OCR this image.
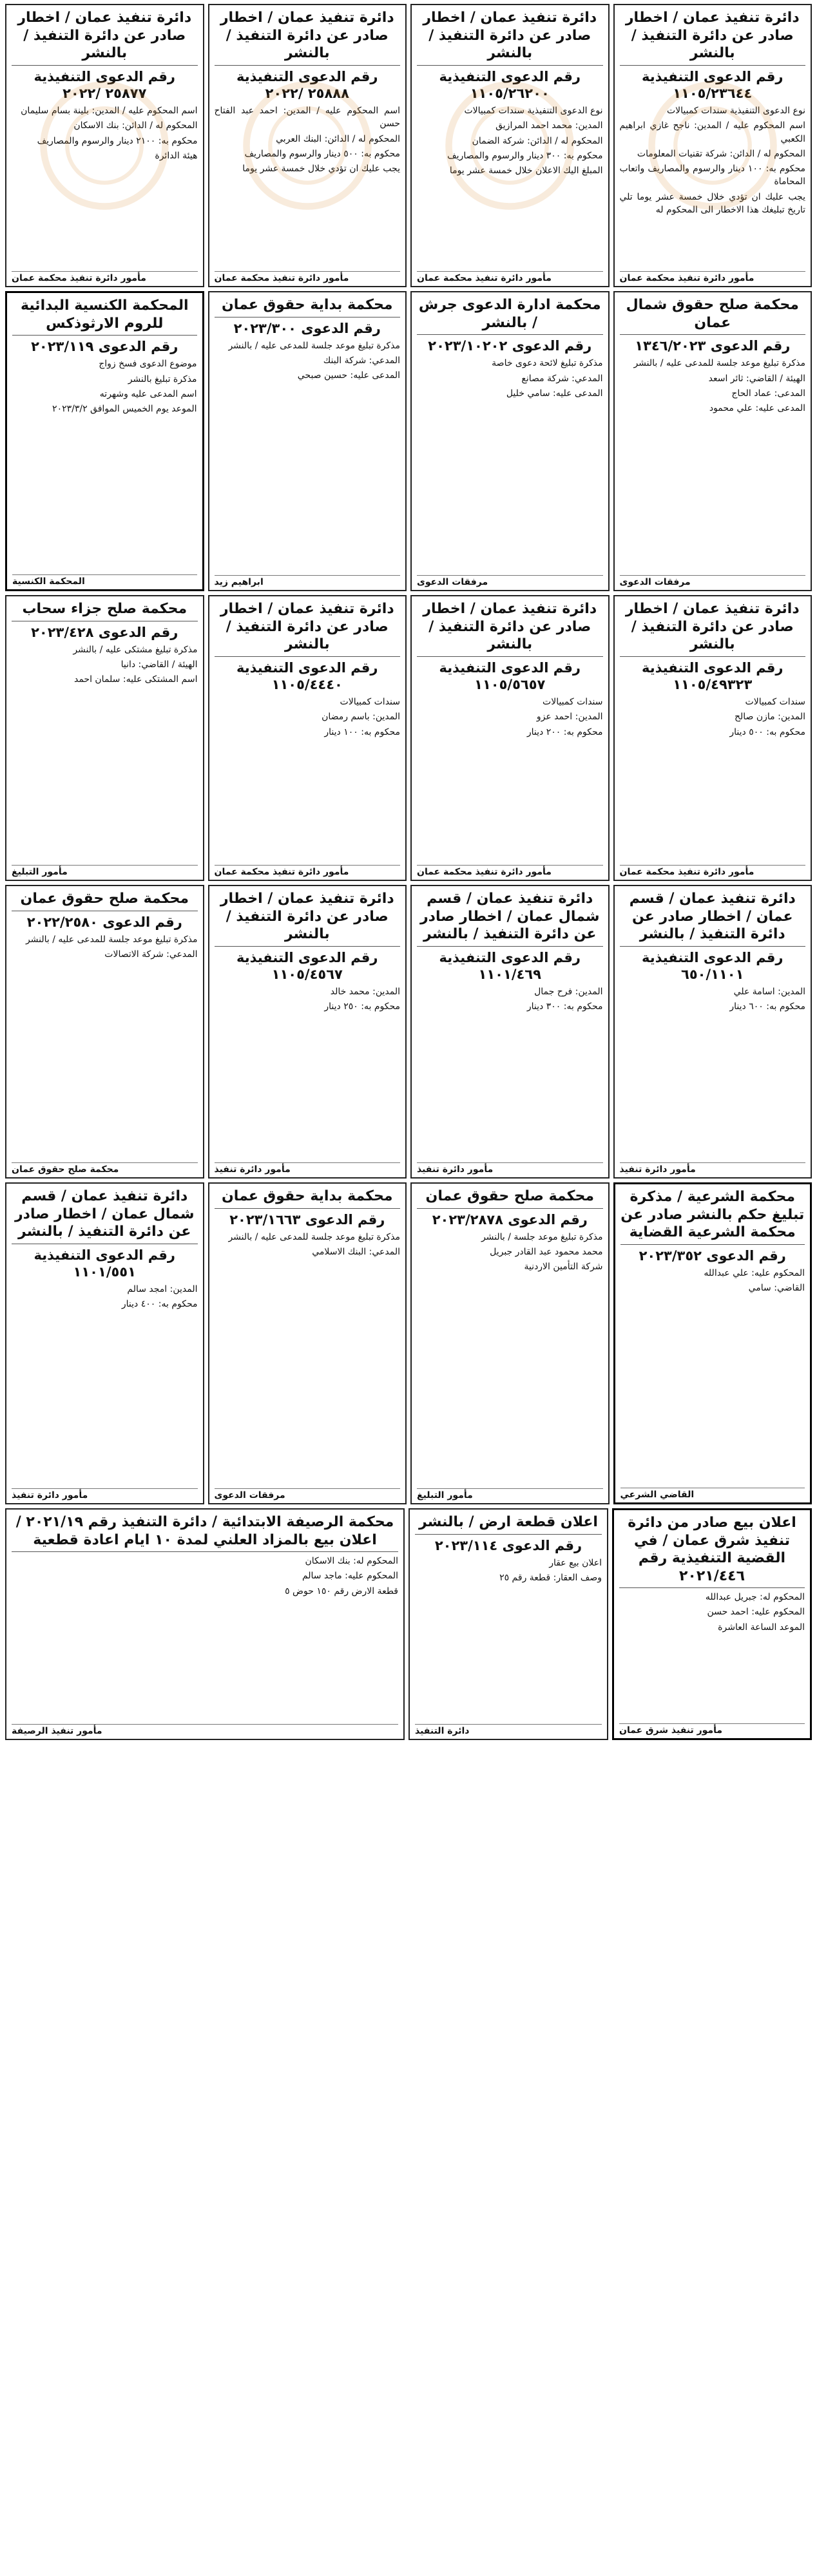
دائرة تنفيذ عمان / اخطار صادر عن دائرة التنفيذ / بالنشر
رقم الدعوى التنفيذية ١١٠٥/٢٣٦٤٤

نوع الدعوى التنفيذية سندات كمبيالات

اسم المحكوم عليه / المدين: ناجح غازي ابراهيم الكعبي

المحكوم له / الدائن: شركة تقنيات المعلومات

محكوم به: ١٠٠ دينار والرسوم والمصاريف واتعاب المحاماة

يجب عليك ان تؤدي خلال خمسة عشر يوما تلي تاريخ تبليغك هذا الاخطار الى المحكوم له

مأمور دائرة تنفيذ محكمة عمان
دائرة تنفيذ عمان / اخطار صادر عن دائرة التنفيذ / بالنشر
رقم الدعوى التنفيذية ١١٠٥/٢٦٢٠٠

نوع الدعوى التنفيذية سندات كمبيالات

المدين: محمد احمد المرازيق

المحكوم له / الدائن: شركة الضمان

محكوم به: ٣٠٠ دينار والرسوم والمصاريف

المبلغ اليك الاعلان خلال خمسة عشر يوما

مأمور دائرة تنفيذ محكمة عمان
دائرة تنفيذ عمان / اخطار صادر عن دائرة التنفيذ / بالنشر
رقم الدعوى التنفيذية ٢٥٨٨٨ /٢٠٢٢

اسم المحكوم عليه / المدين: احمد عبد الفتاح حسن

المحكوم له / الدائن: البنك العربي

محكوم به: ٥٠٠ دينار والرسوم والمصاريف

يجب عليك ان تؤدي خلال خمسة عشر يوما

مأمور دائرة تنفيذ محكمة عمان
دائرة تنفيذ عمان / اخطار صادر عن دائرة التنفيذ / بالنشر
رقم الدعوى التنفيذية ٢٥٨٧٧ /٢٠٢٢

اسم المحكوم عليه / المدين: بلينة بسام سليمان

المحكوم له / الدائن: بنك الاسكان

محكوم به: ٢١٠٠ دينار والرسوم والمصاريف

هيئة الدائرة

مأمور دائرة تنفيذ محكمة عمان
محكمة صلح حقوق شمال عمان
رقم الدعوى ١٣٤٦/٢٠٢٣

مذكرة تبليغ موعد جلسة للمدعى عليه / بالنشر

الهيئة / القاضي: ثائر اسعد

المدعى: عماد الحاج

المدعى عليه: علي محمود

مرفقات الدعوى
محكمة ادارة الدعوى جرش / بالنشر
رقم الدعوى ٢٠٢٣/١٠٢٠٢

مذكرة تبليغ لائحة دعوى خاصة

المدعي: شركة مصانع

المدعى عليه: سامي خليل

مرفقات الدعوى
محكمة بداية حقوق عمان
رقم الدعوى ٢٠٢٣/٣٠٠

مذكرة تبليغ موعد جلسة للمدعى عليه / بالنشر

المدعي: شركة البنك

المدعى عليه: حسين صبحي

ابراهيم زيد
المحكمة الكنسية البدائية للروم الارثوذكس
رقم الدعوى ٢٠٢٣/١١٩

موضوع الدعوى فسخ زواج

مذكرة تبليغ بالنشر

اسم المدعى عليه وشهرته

الموعد يوم الخميس الموافق ٢٠٢٣/٣/٢

المحكمة الكنسية
دائرة تنفيذ عمان / اخطار صادر عن دائرة التنفيذ / بالنشر
رقم الدعوى التنفيذية ١١٠٥/٤٩٣٢٣

سندات كمبيالات

المدين: مازن صالح

محكوم به: ٥٠٠ دينار

مأمور دائرة تنفيذ محكمة عمان
دائرة تنفيذ عمان / اخطار صادر عن دائرة التنفيذ / بالنشر
رقم الدعوى التنفيذية ١١٠٥/٥٦٥٧

سندات كمبيالات

المدين: احمد عزو

محكوم به: ٢٠٠ دينار

مأمور دائرة تنفيذ محكمة عمان
دائرة تنفيذ عمان / اخطار صادر عن دائرة التنفيذ / بالنشر
رقم الدعوى التنفيذية ١١٠٥/٤٤٤٠

سندات كمبيالات

المدين: باسم رمضان

محكوم به: ١٠٠ دينار

مأمور دائرة تنفيذ محكمة عمان
محكمة صلح جزاء سحاب
رقم الدعوى ٢٠٢٣/٤٢٨

مذكرة تبليغ مشتكى عليه / بالنشر

الهيئة / القاضي: دانيا

اسم المشتكى عليه: سلمان احمد

مأمور التبليغ
دائرة تنفيذ عمان / قسم عمان / اخطار صادر عن دائرة التنفيذ / بالنشر
رقم الدعوى التنفيذية ٦٥٠/١١٠١

المدين: اسامة علي

محكوم به: ٦٠٠ دينار

مأمور دائرة تنفيذ
دائرة تنفيذ عمان / قسم شمال عمان / اخطار صادر عن دائرة التنفيذ / بالنشر
رقم الدعوى التنفيذية ١١٠١/٤٦٩

المدين: فرح جمال

محكوم به: ٣٠٠ دينار

مأمور دائرة تنفيذ
دائرة تنفيذ عمان / اخطار صادر عن دائرة التنفيذ / بالنشر
رقم الدعوى التنفيذية ١١٠٥/٤٥٦٧

المدين: محمد خالد

محكوم به: ٢٥٠ دينار

مأمور دائرة تنفيذ
محكمة صلح حقوق عمان
رقم الدعوى ٢٠٢٢/٢٥٨٠

مذكرة تبليغ موعد جلسة للمدعى عليه / بالنشر

المدعي: شركة الاتصالات

محكمة صلح حقوق عمان
محكمة الشرعية / مذكرة تبليغ حكم بالنشر صادر عن محكمة الشرعية القضاية
رقم الدعوى ٢٠٢٣/٣٥٢

المحكوم عليه: علي عبدالله

القاضي: سامي

القاضي الشرعي
محكمة صلح حقوق عمان
رقم الدعوى ٢٠٢٣/٢٨٧٨

مذكرة تبليغ موعد جلسة / بالنشر

محمد محمود عبد القادر جبريل

شركة التأمين الاردنية

مأمور التبليغ
محكمة بداية حقوق عمان
رقم الدعوى ٢٠٢٣/١٦٦٣

مذكرة تبليغ موعد جلسة للمدعى عليه / بالنشر

المدعي: البنك الاسلامي

مرفقات الدعوى
دائرة تنفيذ عمان / قسم شمال عمان / اخطار صادر عن دائرة التنفيذ / بالنشر
رقم الدعوى التنفيذية ١١٠١/٥٥١

المدين: امجد سالم

محكوم به: ٤٠٠ دينار

مأمور دائرة تنفيذ
اعلان بيع صادر من دائرة تنفيذ شرق عمان / في القضية التنفيذية رقم ٢٠٢١/٤٤٦

المحكوم له: جبريل عبدالله

المحكوم عليه: احمد حسن

الموعد الساعة العاشرة

مأمور تنفيذ شرق عمان
اعلان قطعة ارض / بالنشر
رقم الدعوى ٢٠٢٣/١١٤

اعلان بيع عقار

وصف العقار: قطعة رقم ٢٥

دائرة التنفيذ
محكمة الرصيفة الابتدائية / دائرة التنفيذ رقم ٢٠٢١/١٩ / اعلان بيع بالمزاد العلني لمدة ١٠ ايام اعادة قطعية

المحكوم له: بنك الاسكان

المحكوم عليه: ماجد سالم

قطعة الارض رقم ١٥٠ حوض ٥

مأمور تنفيذ الرصيفة
